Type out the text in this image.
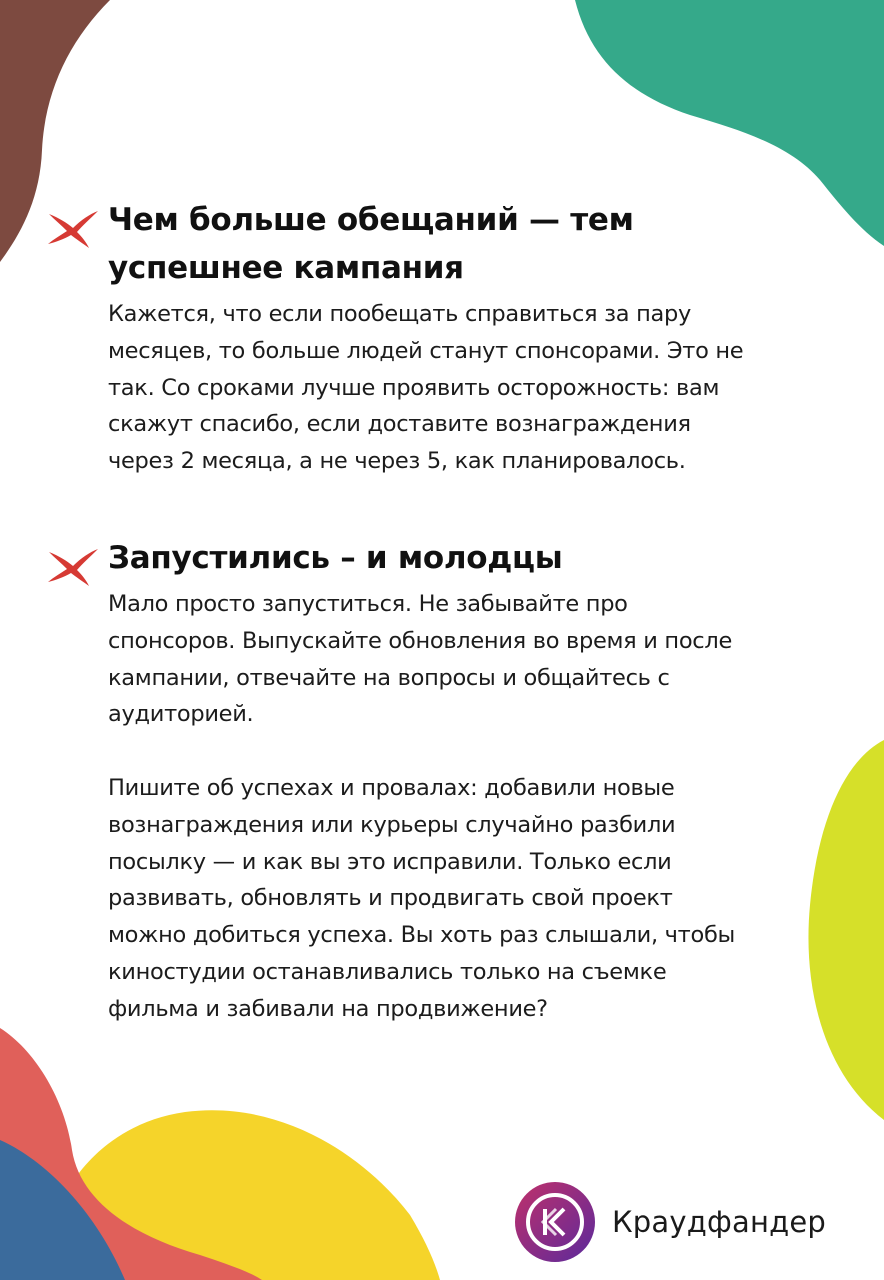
Чем больше обещаний — тем
успешнее кампания

Кажется, что если пообещать справиться за пару
месяцев, то больше людей станут спонсорами. Это не
так. Со сроками лучше проявить осторожность: вам
скажут спасибо, если доставите вознаграждения
через 2 месяца, а не через 5, как планировалось.

Запустились – и молодцы

Мало просто запуститься. Не забывайте про
спонсоров. Выпускайте обновления во время и после
кампании, отвечайте на вопросы и общайтесь с
аудиторией.

Пишите об успехах и провалах: добавили новые
вознаграждения или курьеры случайно разбили
посылку — и как вы это исправили. Только если
развивать, обновлять и продвигать свой проект
можно добиться успеха. Вы хоть раз слышали, чтобы
киностудии останавливались только на съемке
фильма и забивали на продвижение?

Краудфандер
